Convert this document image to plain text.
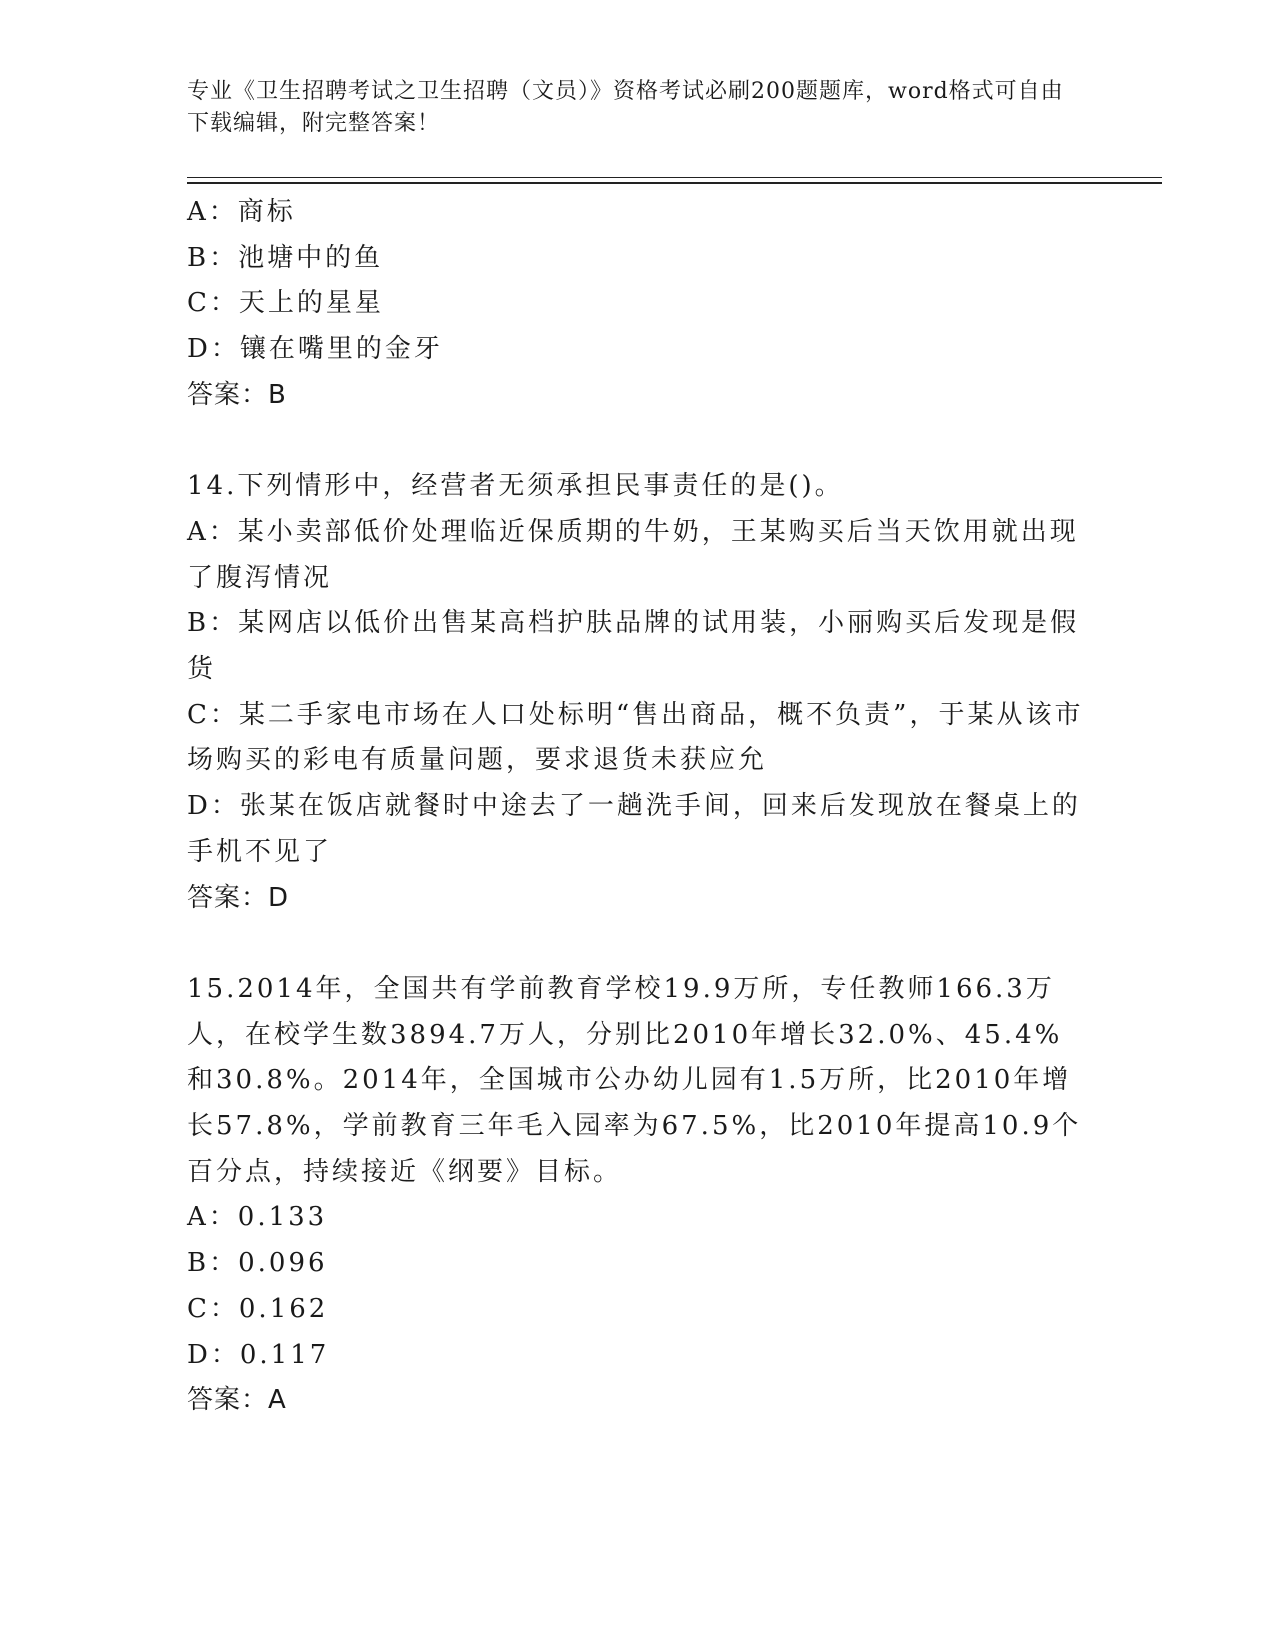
专业《卫生招聘考试之卫生招聘（文员）》资格考试必刷200题题库，word格式可自由下载编辑，附完整答案！

A：商标

B：池塘中的鱼

C：天上的星星

D：镶在嘴里的金牙

答案：B

14.下列情形中，经营者无须承担民事责任的是()。

A：某小卖部低价处理临近保质期的牛奶，王某购买后当天饮用就出现了腹泻情况

B：某网店以低价出售某高档护肤品牌的试用装，小丽购买后发现是假货

C：某二手家电市场在人口处标明“售出商品，概不负责”，于某从该市场购买的彩电有质量问题，要求退货未获应允

D：张某在饭店就餐时中途去了一趟洗手间，回来后发现放在餐桌上的手机不见了

答案：D

15.2014年，全国共有学前教育学校19.9万所，专任教师166.3万人，在校学生数3894.7万人，分别比2010年增长32.0%、45.4%和30.8%。2014年，全国城市公办幼儿园有1.5万所，比2010年增长57.8%，学前教育三年毛入园率为67.5%，比2010年提高10.9个百分点，持续接近《纲要》目标。

A：0.133

B：0.096

C：0.162

D：0.117

答案：A
